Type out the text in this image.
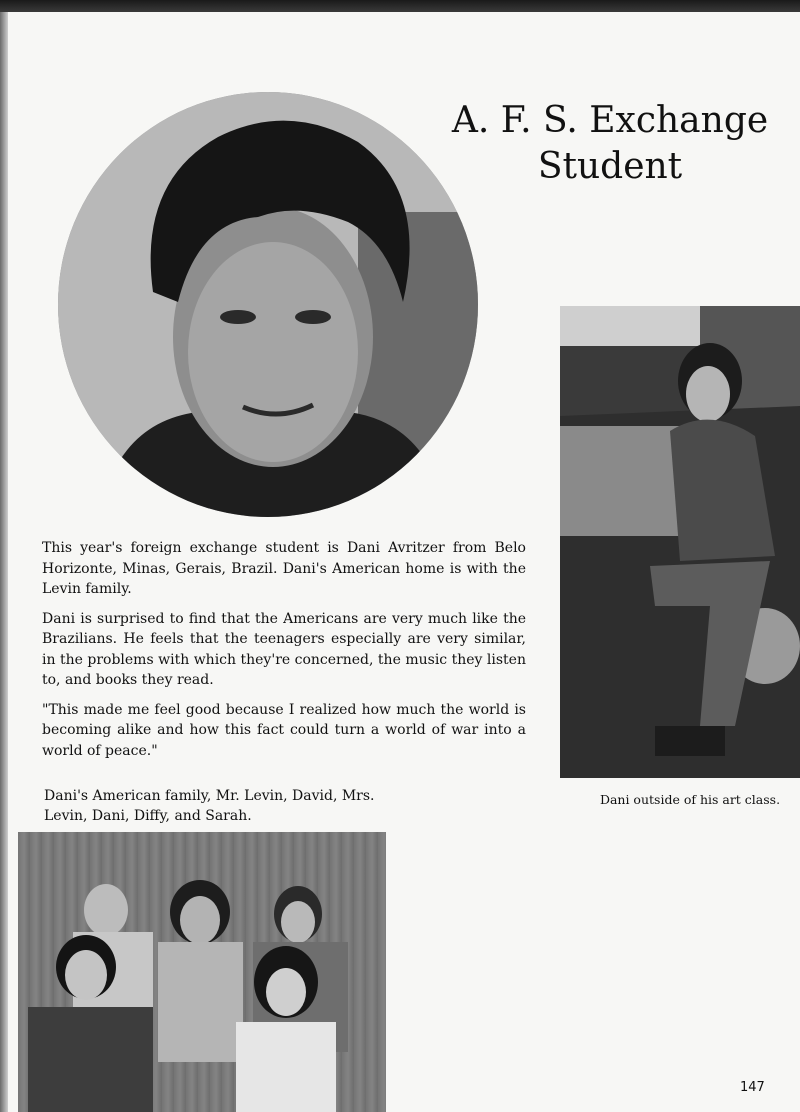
A. F. S. Exchange
Student

This year's foreign exchange student is Dani Avritzer from Belo Horizonte, Minas, Gerais, Brazil. Dani's American home is with the Levin family.

Dani is surprised to find that the Americans are very much like the Brazilians. He feels that the teenagers especially are very similar, in the problems with which they're concerned, the music they listen to, and books they read.

"This made me feel good because I realized how much the world is becoming alike and how this fact could turn a world of war into a world of peace."

Dani's American family, Mr. Levin, David, Mrs. Levin, Dani, Diffy, and Sarah.
Dani outside of his art class.
147
